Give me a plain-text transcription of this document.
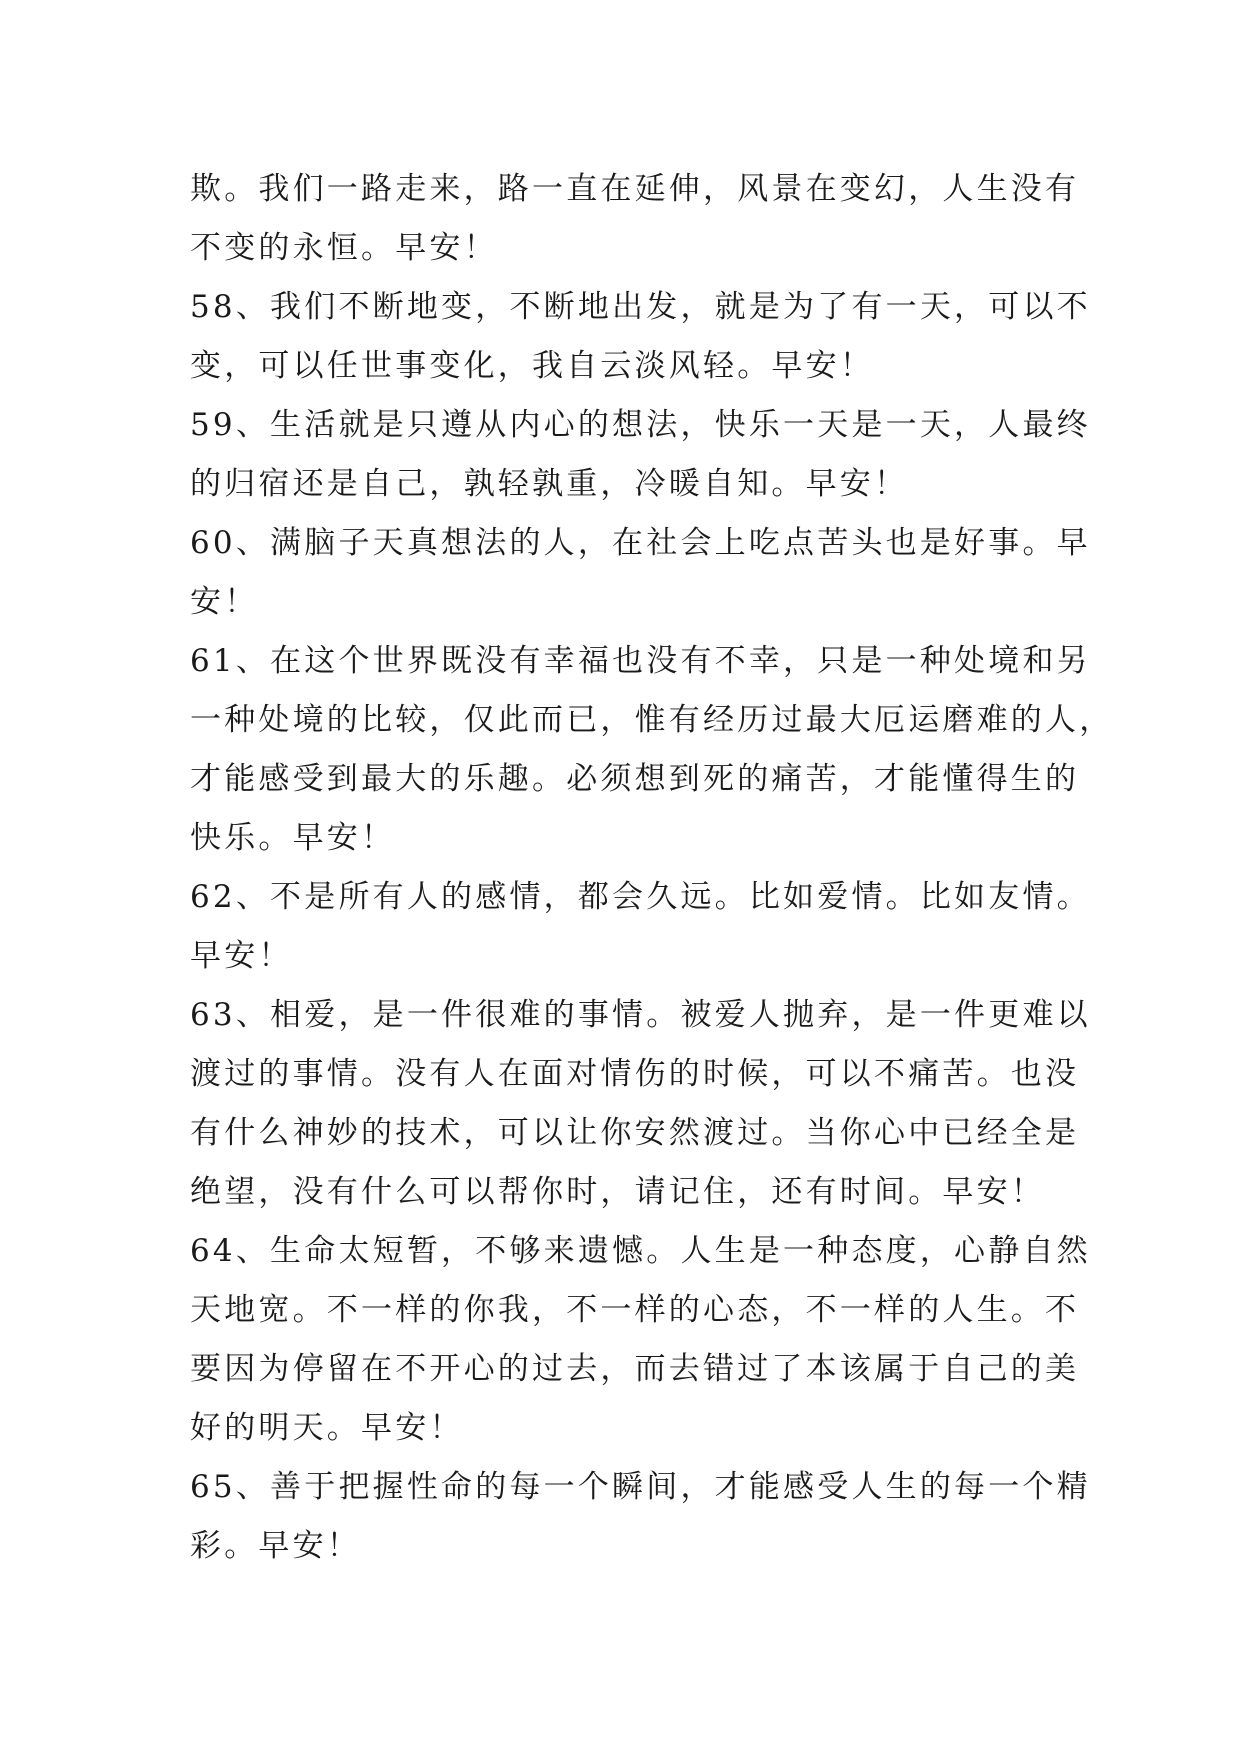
欺。我们一路走来，路一直在延伸，风景在变幻，人生没有

不变的永恒。早安！

58、我们不断地变，不断地出发，就是为了有一天，可以不

变，可以任世事变化，我自云淡风轻。早安！

59、生活就是只遵从内心的想法，快乐一天是一天，人最终

的归宿还是自己，孰轻孰重，冷暖自知。早安！

60、满脑子天真想法的人，在社会上吃点苦头也是好事。早

安！

61、在这个世界既没有幸福也没有不幸，只是一种处境和另

一种处境的比较，仅此而已，惟有经历过最大厄运磨难的人，

才能感受到最大的乐趣。必须想到死的痛苦，才能懂得生的

快乐。早安！

62、不是所有人的感情，都会久远。比如爱情。比如友情。

早安！

63、相爱，是一件很难的事情。被爱人抛弃，是一件更难以

渡过的事情。没有人在面对情伤的时候，可以不痛苦。也没

有什么神妙的技术，可以让你安然渡过。当你心中已经全是

绝望，没有什么可以帮你时，请记住，还有时间。早安！

64、生命太短暂，不够来遗憾。人生是一种态度，心静自然

天地宽。不一样的你我，不一样的心态，不一样的人生。不

要因为停留在不开心的过去，而去错过了本该属于自己的美

好的明天。早安！

65、善于把握性命的每一个瞬间，才能感受人生的每一个精

彩。早安！
